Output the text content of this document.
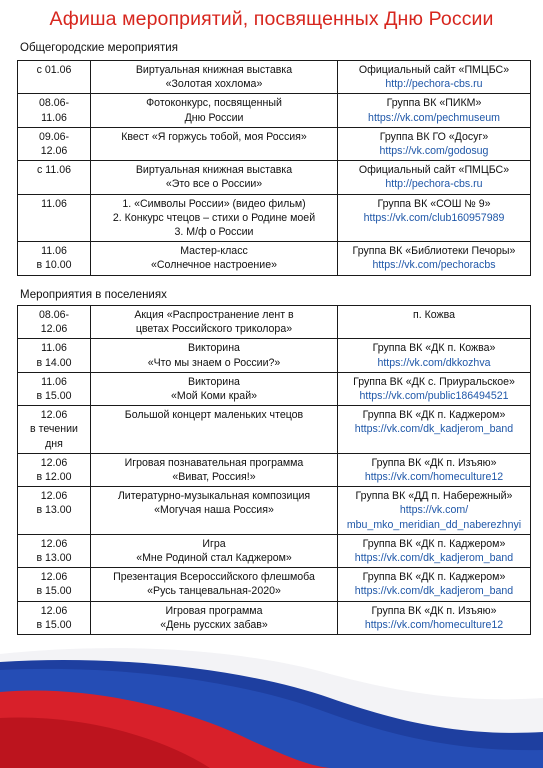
Афиша мероприятий, посвященных Дню России
Общегородские мероприятия
с 01.06	Виртуальная книжная выставка
«Золотая хохлома»	Официальный сайт «ПМЦБС»
http://pechora-cbs.ru

08.06-
11.06	Фотоконкурс, посвященный
Дню России	Группа ВК «ПИКМ»
https://vk.com/pechmuseum

09.06-
12.06	Квест «Я горжусь тобой, моя Россия»	Группа ВК ГО «Досуг»
https://vk.com/godosug

с 11.06	Виртуальная книжная выставка
«Это все о России»	Официальный сайт «ПМЦБС»
http://pechora-cbs.ru

11.06	1. «Символы России» (видео фильм)
2. Конкурс чтецов – стихи о Родине моей
3. М/ф о России	Группа ВК «СОШ № 9»
https://vk.com/club160957989

11.06
в 10.00	Мастер-класс
«Солнечное настроение»	Группа ВК «Библиотеки Печоры»
https://vk.com/pechoracbs
Мероприятия в поселениях
08.06-
12.06	Акция «Распространение лент в
цветах Российского триколора»	п. Кожва

11.06
в 14.00	Викторина
«Что мы знаем о России?»	Группа ВК «ДК п. Кожва»
https://vk.com/dkkozhva

11.06
в 15.00	Викторина
«Мой Коми край»	Группа ВК «ДК с. Приуральское»
https://vk.com/public186494521

12.06
в течении
дня	Большой концерт маленьких чтецов	Группа ВК «ДК п. Каджером»
https://vk.com/dk_kadjerom_band

12.06
в 12.00	Игровая познавательная программа
«Виват, Россия!»	Группа ВК «ДК п. Изъяю»
https://vk.com/homeculture12

12.06
в 13.00	Литературно-музыкальная композиция
«Могучая наша Россия»	Группа ВК «ДД п. Набережный»
https://vk.com/
mbu_mko_meridian_dd_naberezhnyi

12.06
в 13.00	Игра
«Мне Родиной стал Каджером»	Группа ВК «ДК п. Каджером»
https://vk.com/dk_kadjerom_band

12.06
в 15.00	Презентация Всероссийского флешмоба
«Русь танцевальная-2020»	Группа ВК «ДК п. Каджером»
https://vk.com/dk_kadjerom_band

12.06
в 15.00	Игровая программа
«День русских забав»	Группа ВК «ДК п. Изъяю»
https://vk.com/homeculture12
